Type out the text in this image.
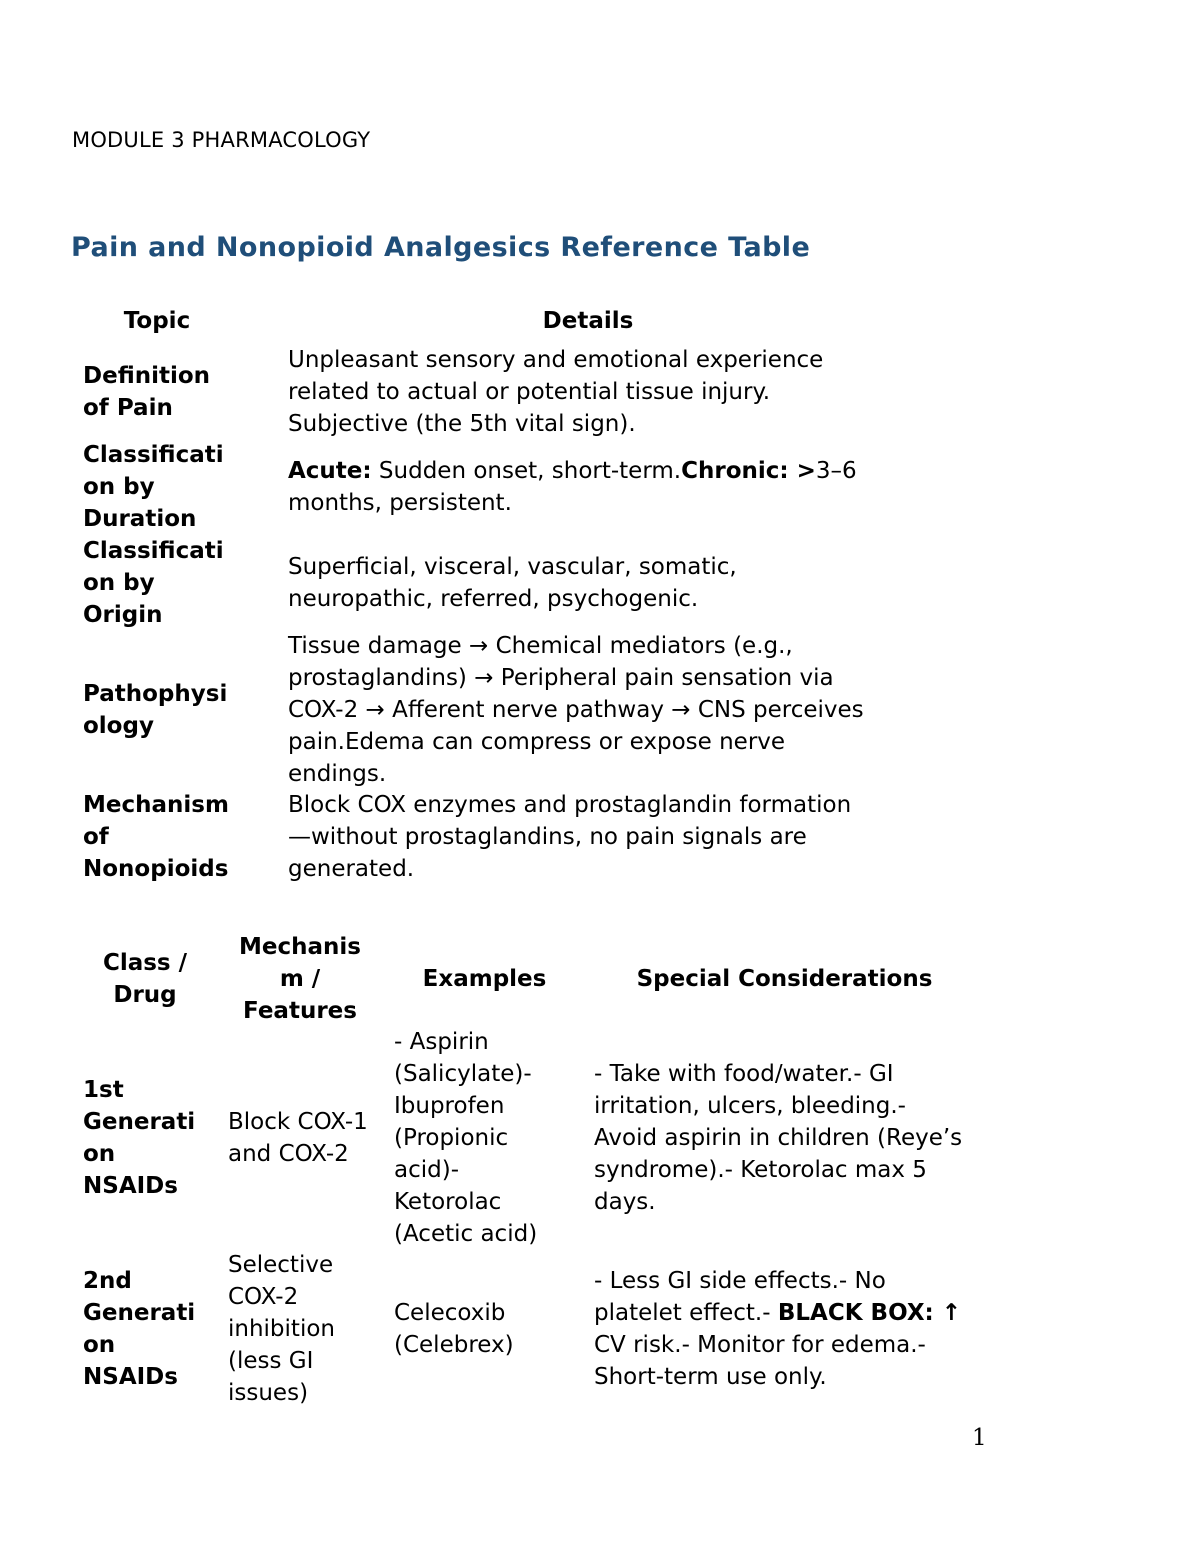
MODULE 3 PHARMACOLOGY
Pain and Nonopioid Analgesics Reference Table
Topic	Details
Definition
of Pain
Unpleasant sensory and emotional experience
related to actual or potential tissue injury.
Subjective (the 5th vital sign).
Classificati
on by
Duration
Acute: Sudden onset, short-term.Chronic: >3–6
months, persistent.
Classificati
on by
Origin
Superficial, visceral, vascular, somatic,
neuropathic, referred, psychogenic.
Pathophysi
ology
Tissue damage → Chemical mediators (e.g.,
prostaglandins) → Peripheral pain sensation via
COX-2 → Afferent nerve pathway → CNS perceives
pain.Edema can compress or expose nerve
endings.
Mechanism
of
Nonopioids
Block COX enzymes and prostaglandin formation
—without prostaglandins, no pain signals are
generated.
Class /
Drug
Mechanis
m /
Features
Examples	Special Considerations
1st
Generati
on
NSAIDs
Block COX-1
and COX-2
- Aspirin
(Salicylate)-
Ibuprofen
(Propionic
acid)-
Ketorolac
(Acetic acid)
- Take with food/water.- GI
irritation, ulcers, bleeding.-
Avoid aspirin in children (Reye’s
syndrome).- Ketorolac max 5
days.
2nd
Generati
on
NSAIDs
Selective
COX-2
inhibition
(less GI
issues)
Celecoxib
(Celebrex)
- Less GI side effects.- No
platelet effect.- BLACK BOX: ↑
CV risk.- Monitor for edema.-
Short-term use only.
1
